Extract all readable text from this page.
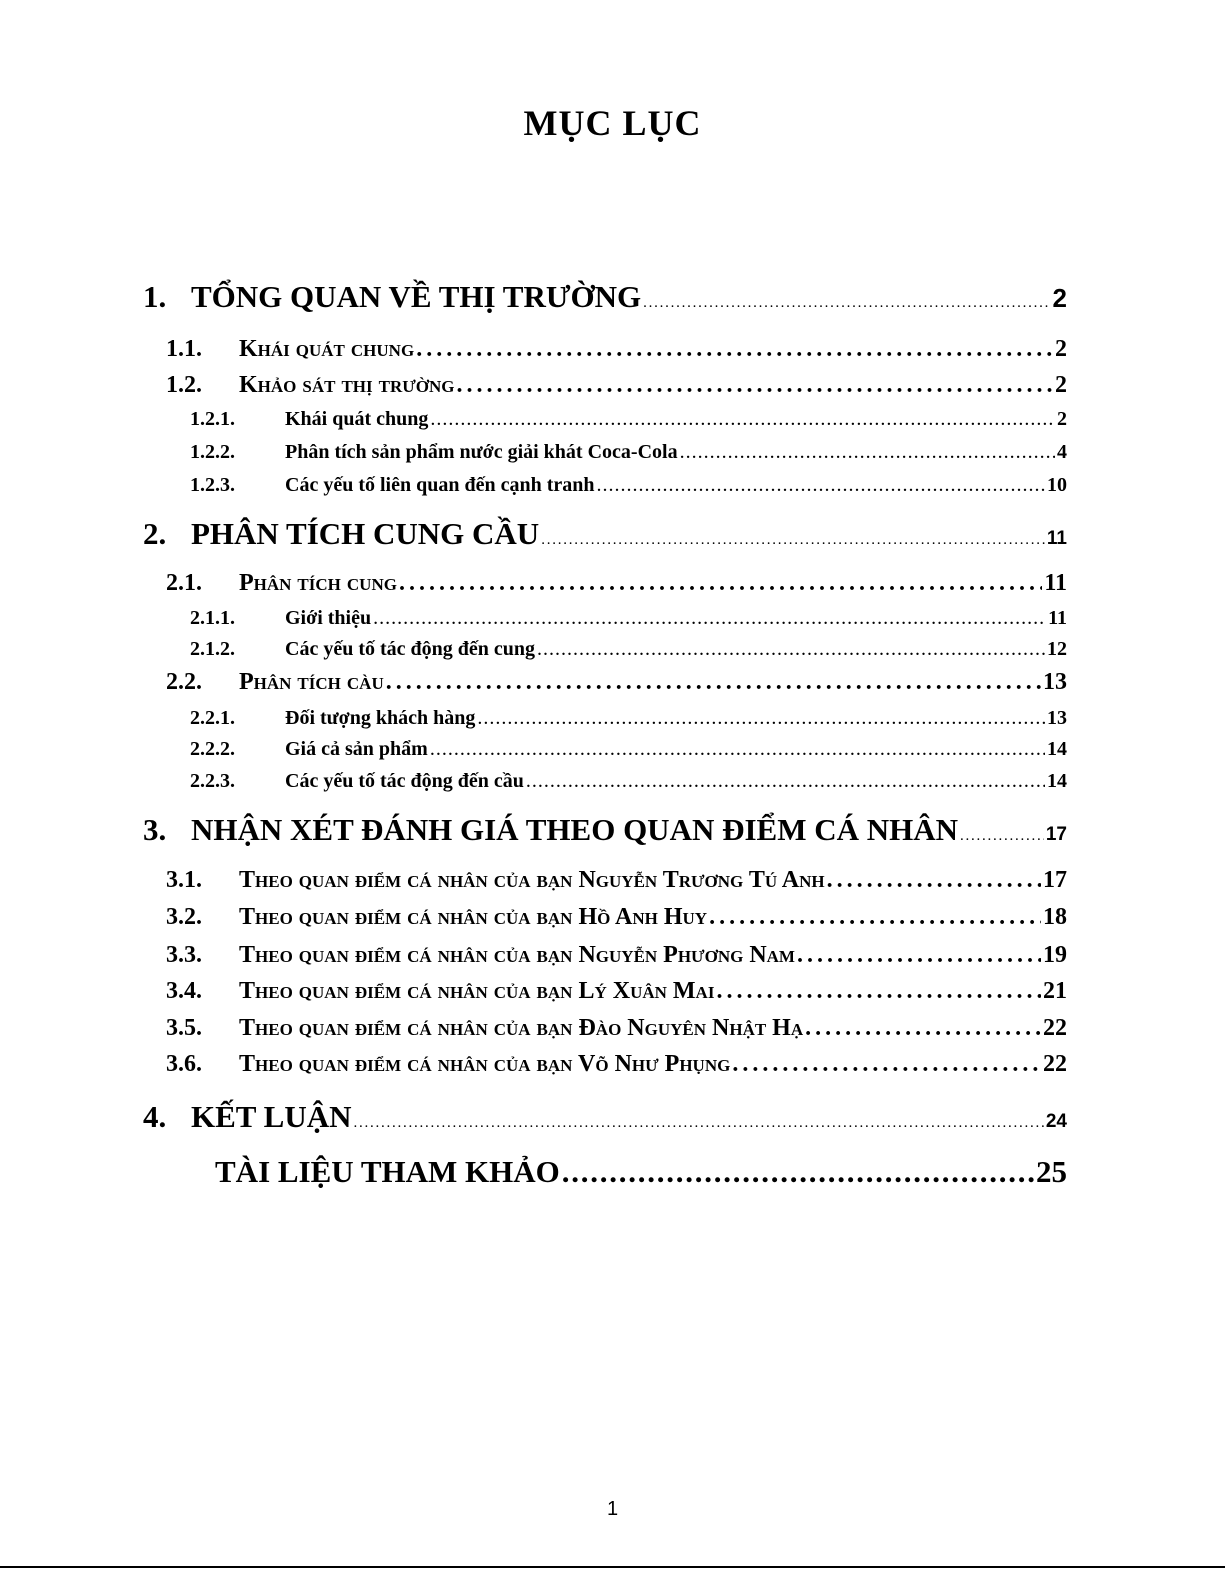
MỤC LỤC
1. TỔNG QUAN VỀ THỊ TRƯỜNG . . .	2
1.1.	Khái quát chung . . .	2
1.2.	Khảo sát thị trường . . .	2
1.2.1.	Khái quát chung . . .	2
1.2.2.	Phân tích sản phẩm nước giải khát Coca-Cola . . .	4
1.2.3.	Các yếu tố liên quan đến cạnh tranh . . .	10
2. PHÂN TÍCH CUNG CẦU . . .	11
2.1.	Phân tích cung . . .	11
2.1.1.	Giới thiệu . . .	11
2.1.2.	Các yếu tố tác động đến cung . . .	12
2.2.	Phân tích càu . . .	13
2.2.1.	Đối tượng khách hàng . . .	13
2.2.2.	Giá cả sản phẩm . . .	14
2.2.3.	Các yếu tố tác động đến cầu . . .	14
3. NHẬN XÉT ĐÁNH GIÁ THEO QUAN ĐIỂM CÁ NHÂN . . .	17
3.1.	Theo quan điểm cá nhân của bạn Nguyễn Trương Tú Anh . . .	17
3.2.	Theo quan điểm cá nhân của bạn Hồ Anh Huy . . .	18
3.3.	Theo quan điểm cá nhân của bạn Nguyễn Phương Nam . . .	19
3.4.	Theo quan điểm cá nhân của bạn Lý Xuân Mai . . .	21
3.5.	Theo quan điểm cá nhân của bạn Đào Nguyên Nhật Hạ . . .	22
3.6.	Theo quan điểm cá nhân của bạn Võ Như Phụng . . .	22
4. KẾT LUẬN . . .	24
TÀI LIỆU THAM KHẢO . . .	25
1
